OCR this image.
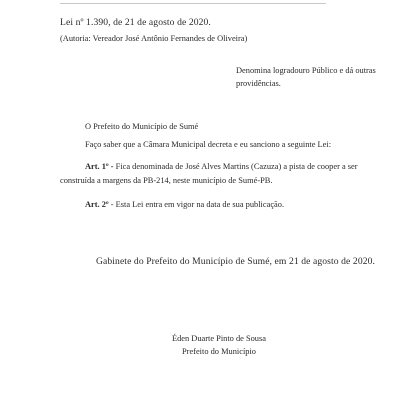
Lei nº 1.390, de 21 de agosto de 2020.
(Autoria: Vereador José Antônio Fernandes de Oliveira)
Denomina logradouro Público e dá outras
providências.
O Prefeito do Município de Sumé
Faço saber que a Câmara Municipal decreta e eu sanciono a seguinte Lei:
Art. 1º - Fica denominada de José Alves Martins (Cazuza) a pista de cooper a ser
construída a margens da PB-214, neste município de Sumé-PB.
Art. 2º - Esta Lei entra em vigor na data de sua publicação.
Gabinete do Prefeito do Município de Sumé, em 21 de agosto de 2020.
Éden Duarte Pinto de Sousa
Prefeito do Município
